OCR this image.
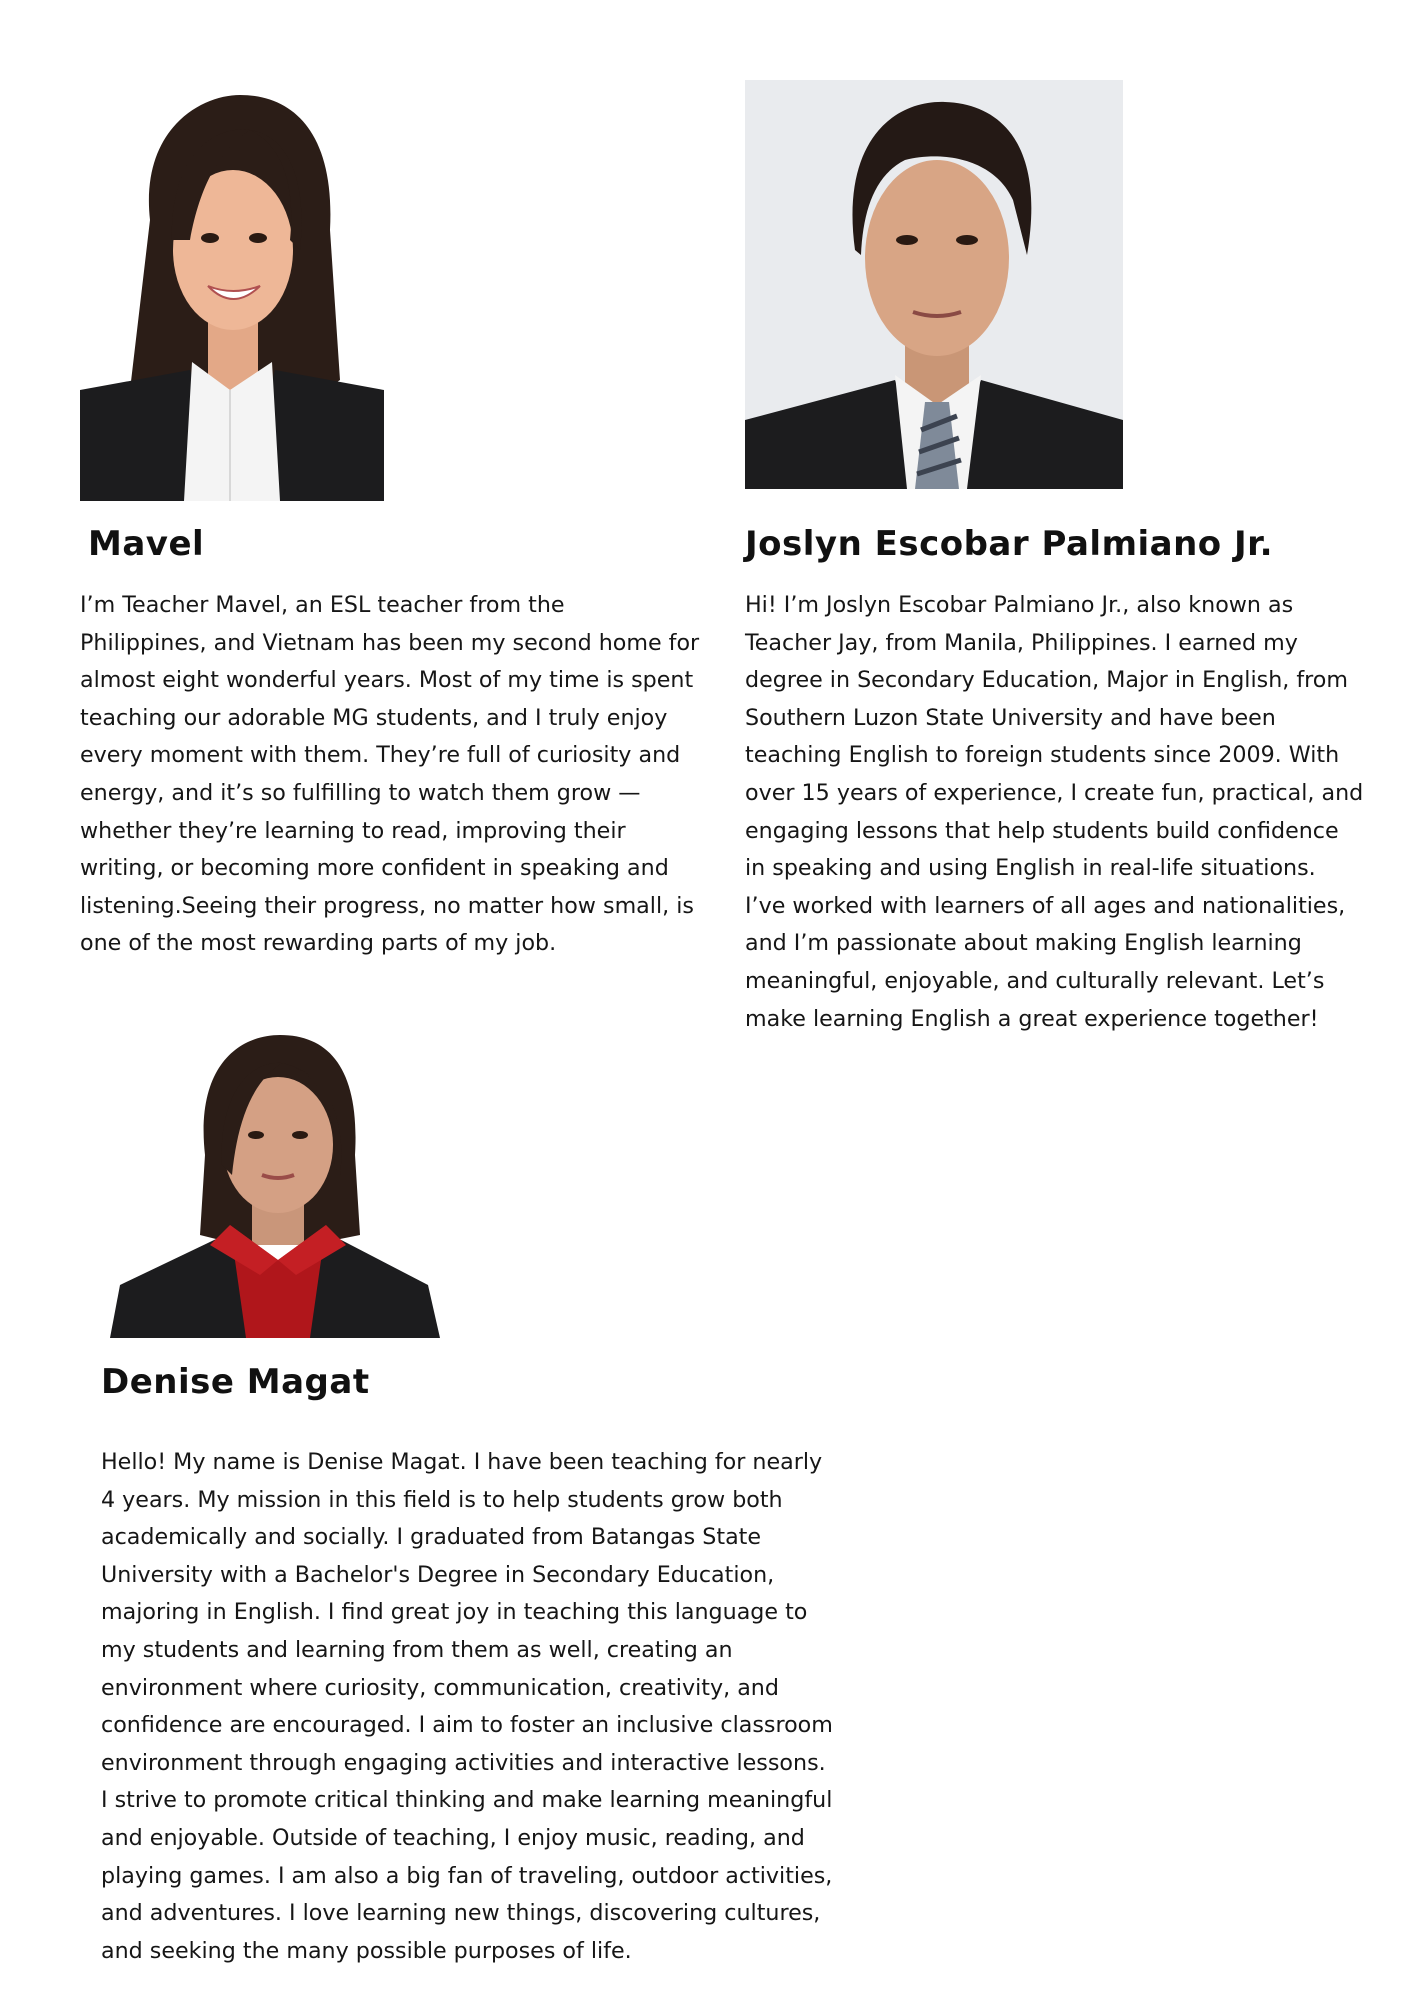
Mavel
I’m Teacher Mavel, an ESL teacher from the
Philippines, and Vietnam has been my second home for
almost eight wonderful years. Most of my time is spent
teaching our adorable MG students, and I truly enjoy
every moment with them. They’re full of curiosity and
energy, and it’s so fulfilling to watch them grow —
whether they’re learning to read, improving their
writing, or becoming more confident in speaking and
listening.Seeing their progress, no matter how small, is
one of the most rewarding parts of my job.
Joslyn Escobar Palmiano Jr.
Hi! I’m Joslyn Escobar Palmiano Jr., also known as
Teacher Jay, from Manila, Philippines. I earned my
degree in Secondary Education, Major in English, from
Southern Luzon State University and have been
teaching English to foreign students since 2009. With
over 15 years of experience, I create fun, practical, and
engaging lessons that help students build confidence
in speaking and using English in real-life situations.
I’ve worked with learners of all ages and nationalities,
and I’m passionate about making English learning
meaningful, enjoyable, and culturally relevant. Let’s
make learning English a great experience together!
Denise Magat
Hello! My name is Denise Magat. I have been teaching for nearly
4 years. My mission in this field is to help students grow both
academically and socially. I graduated from Batangas State
University with a Bachelor's Degree in Secondary Education,
majoring in English. I find great joy in teaching this language to
my students and learning from them as well, creating an
environment where curiosity, communication, creativity, and
confidence are encouraged. I aim to foster an inclusive classroom
environment through engaging activities and interactive lessons.
I strive to promote critical thinking and make learning meaningful
and enjoyable. Outside of teaching, I enjoy music, reading, and
playing games. I am also a big fan of traveling, outdoor activities,
and adventures. I love learning new things, discovering cultures,
and seeking the many possible purposes of life.
